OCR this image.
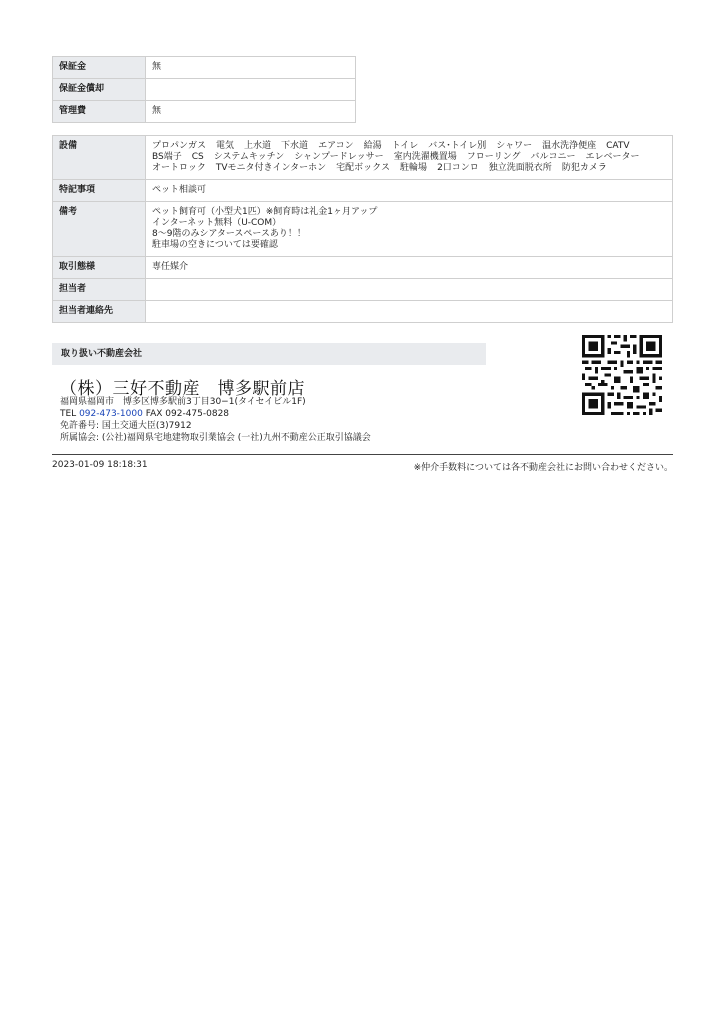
保証金	無
保証金償却	
管理費	無
設備	プロパンガス 電気 上水道 下水道 エアコン 給湯 トイレ バス･トイレ別 シャワー 温水洗浄便座 CATV
BS端子 CS システムキッチン シャンプードレッサー 室内洗濯機置場 フローリング バルコニー エレベーター
オートロック TVモニタ付きインターホン 宅配ボックス 駐輪場 2口コンロ 独立洗面脱衣所 防犯カメラ

特記事項	ペット相談可
備考	ペット飼育可（小型犬1匹）※飼育時は礼金1ヶ月アップ
インターネット無料（U-COM）
8～9階のみシアタースペースあり！！
駐車場の空きについては要確認

取引態様	専任媒介
担当者	
担当者連絡先	
取り扱い不動産会社
（株）三好不動産　博多駅前店
福岡県福岡市　博多区博多駅前3丁目30−1(タイセイビル1F)
TEL 092-473-1000 FAX 092-475-0828
免許番号: 国土交通大臣(3)7912
所属協会: (公社)福岡県宅地建物取引業協会 (一社)九州不動産公正取引協議会
2023-01-09 18:18:31	※仲介手数料については各不動産会社にお問い合わせください。
